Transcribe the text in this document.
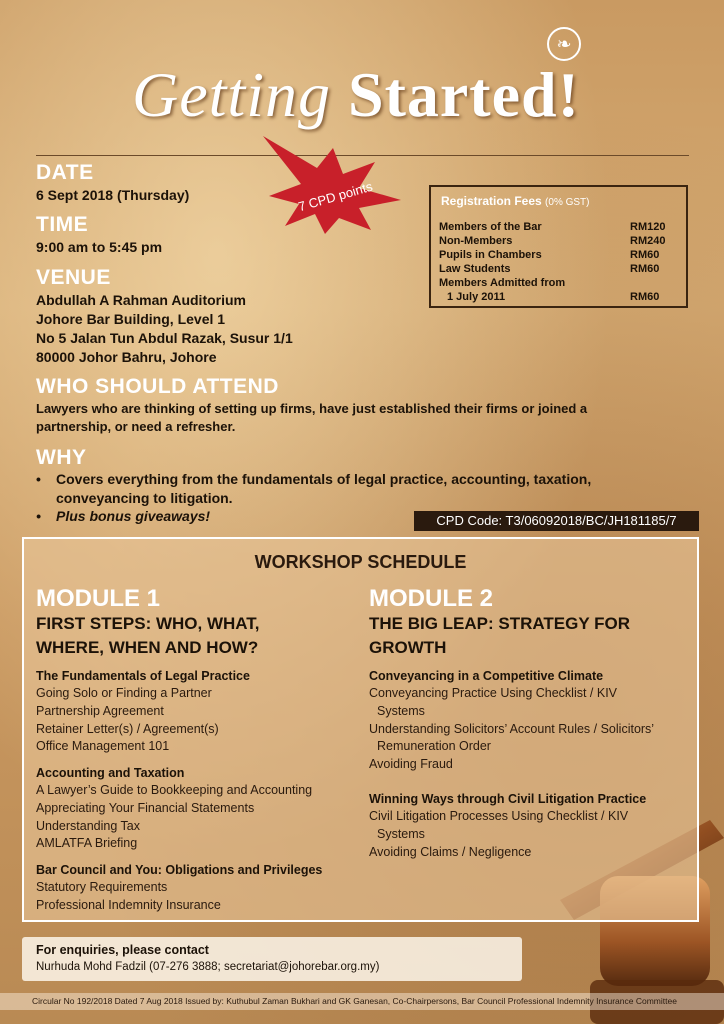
❧
Getting Started!
7 CPD points
DATE
6 Sept 2018 (Thursday)
TIME
9:00 am to 5:45 pm
VENUE
Abdullah A Rahman Auditorium
Johore Bar Building, Level 1
No 5 Jalan Tun Abdul Razak, Susur 1/1
80000 Johor Bahru, Johore
Registration Fees (0% GST)
Members of the Bar	RM120
Non-Members	RM240
Pupils in Chambers	RM60
Law Students	RM60
Members Admitted from
1 July 2011	RM60
WHO SHOULD ATTEND
Lawyers who are thinking of setting up firms, have just established their firms or joined a
partnership, or need a refresher.
WHY
• Covers everything from the fundamentals of legal practice, accounting, taxation,
conveyancing to litigation.
• Plus bonus giveaways!	CPD Code: T3/06092018/BC/JH181185/7
WORKSHOP SCHEDULE
MODULE 1
FIRST STEPS: WHO, WHAT,
WHERE, WHEN AND HOW?
The Fundamentals of Legal Practice
Going Solo or Finding a Partner
Partnership Agreement
Retainer Letter(s) / Agreement(s)
Office Management 101
Accounting and Taxation
A Lawyer’s Guide to Bookkeeping and Accounting
Appreciating Your Financial Statements
Understanding Tax
AMLATFA Briefing
Bar Council and You: Obligations and Privileges
Statutory Requirements
Professional Indemnity Insurance
MODULE 2
THE BIG LEAP: STRATEGY FOR
GROWTH
Conveyancing in a Competitive Climate
Conveyancing Practice Using Checklist / KIV
Systems
Understanding Solicitors’ Account Rules / Solicitors’
Remuneration Order
Avoiding Fraud
Winning Ways through Civil Litigation Practice
Civil Litigation Processes Using Checklist / KIV
Systems
Avoiding Claims / Negligence
For enquiries, please contact
Nurhuda Mohd Fadzil (07-276 3888; secretariat@johorebar.org.my)
Circular No 192/2018 Dated 7 Aug 2018 Issued by: Kuthubul Zaman Bukhari and GK Ganesan, Co-Chairpersons, Bar Council Professional Indemnity Insurance Committee
